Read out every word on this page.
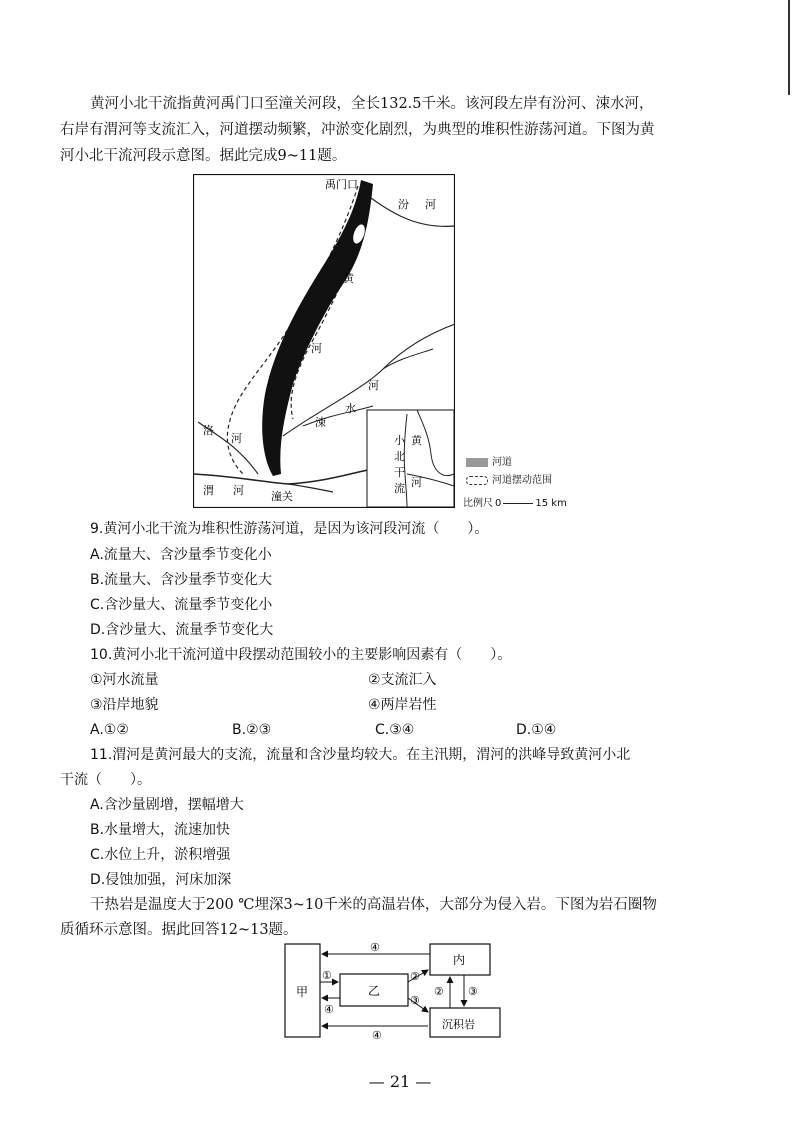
黄河小北干流指黄河禹门口至潼关河段，全长132.5千米。该河段左岸有汾河、涑水河，
右岸有渭河等支流汇入，河道摆动频繁，冲淤变化剧烈，为典型的堆积性游荡河道。下图为黄
河小北干流河段示意图。据此完成9~11题。
禹门口
汾 河
黄
河
河
水
涑
洛
河
渭 河 潼关
小
北
干
流
黄
河
河道
河道摆动范围
比例尺 0	15 km
9.黄河小北干流为堆积性游荡河道，是因为该河段河流（　　）。
A.流量大、含沙量季节变化小
B.流量大、含沙量季节变化大
C.含沙量大、流量季节变化小
D.含沙量大、流量季节变化大
10.黄河小北干流河道中段摆动范围较小的主要影响因素有（　　）。
①河水流量	②支流汇入
③沿岸地貌	④两岸岩性
A.①②	B.②③	C.③④	D.①④
11.渭河是黄河最大的支流，流量和含沙量均较大。在主汛期，渭河的洪峰导致黄河小北
干流（　　）。
A.含沙量剧增，摆幅增大
B.水量增大，流速加快
C.水位上升，淤积增强
D.侵蚀加强，河床加深
干热岩是温度大于200 ℃埋深3~10千米的高温岩体，大部分为侵入岩。下图为岩石圈物
质循环示意图。据此回答12~13题。
甲	乙
内
沉积岩
④
①
④
②
③
② ③
④
— 21 —
